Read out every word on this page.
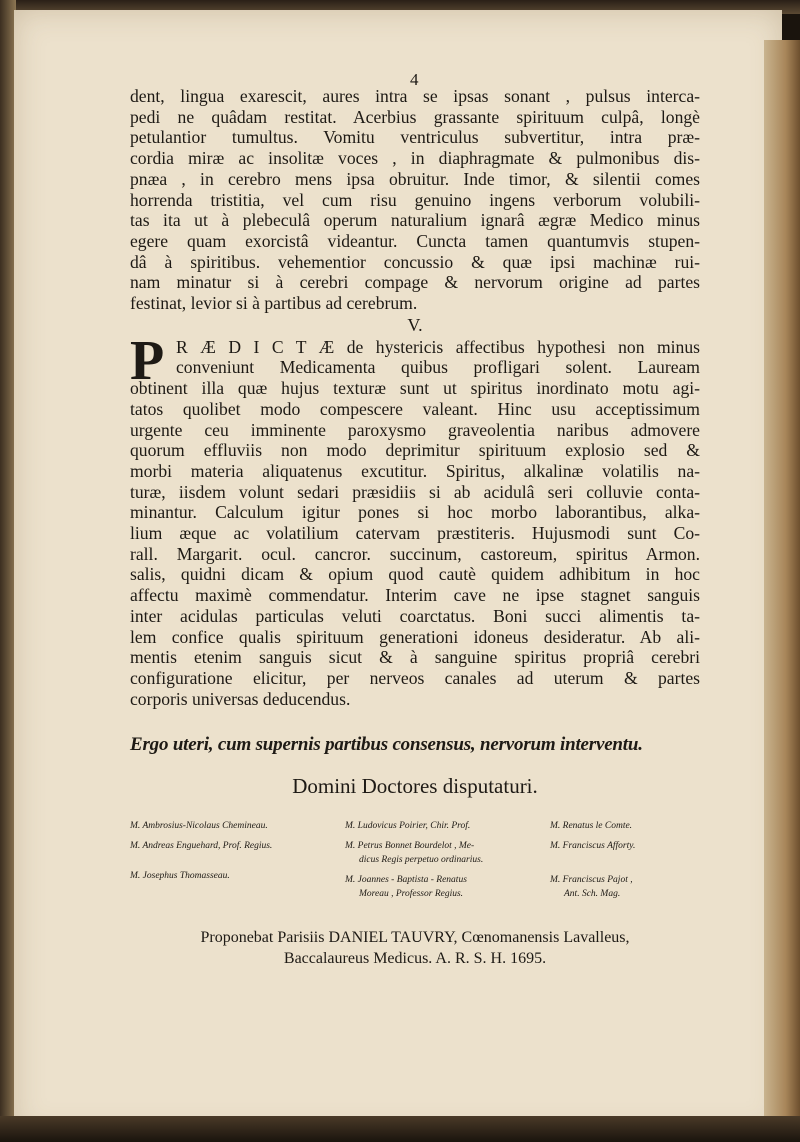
4
dent, lingua exarescit, aures intra se ipsas sonant , pulsus interca-
pedi ne quâdam restitat. Acerbius grassante spirituum culpâ, longè
petulantior tumultus. Vomitu ventriculus subvertitur, intra præ-
cordia miræ ac insolitæ voces , in diaphragmate & pulmonibus dis-
pnæa , in cerebro mens ipsa obruitur. Inde timor, & silentii comes
horrenda tristitia, vel cum risu genuino ingens verborum volubili-
tas ita ut à plebeculâ operum naturalium ignarâ ægræ Medico minus
egere quam exorcistâ videantur. Cuncta tamen quantumvis stupen-
dâ à spiritibus. vehementior concussio & quæ ipsi machinæ rui-
nam minatur si à cerebri compage & nervorum origine ad partes
festinat, levior si à partibus ad cerebrum.
V.
P R Æ D I C T Æ de hystericis affectibus hypothesi non minus
conveniunt Medicamenta quibus profligari solent. Lauream
obtinent illa quæ hujus texturæ sunt ut spiritus inordinato motu agi-
tatos quolibet modo compescere valeant. Hinc usu acceptissimum
urgente ceu imminente paroxysmo graveolentia naribus admovere
quorum effluviis non modo deprimitur spirituum explosio sed &
morbi materia aliquatenus excutitur. Spiritus, alkalinæ volatilis na-
turæ, iisdem volunt sedari præsidiis si ab acidulâ seri colluvie conta-
minantur. Calculum igitur pones si hoc morbo laborantibus, alka-
lium æque ac volatilium catervam præstiteris. Hujusmodi sunt Co-
rall. Margarit. ocul. cancror. succinum, castoreum, spiritus Armon.
salis, quidni dicam & opium quod cautè quidem adhibitum in hoc
affectu maximè commendatur. Interim cave ne ipse stagnet sanguis
inter acidulas particulas veluti coarctatus. Boni succi alimentis ta-
lem confice qualis spirituum generationi idoneus desideratur. Ab ali-
mentis etenim sanguis sicut & à sanguine spiritus propriâ cerebri
configuratione elicitur, per nerveos canales ad uterum & partes
corporis universas deducendus.
Ergo uteri, cum supernis partibus consensus, nervorum interventu.
Domini Doctores disputaturi.
M. Ambrosius-Nicolaus Chemineau.
M. Andreas Enguehard, Prof. Regius.
M. Josephus Thomasseau.
M. Ludovicus Poirier, Chir. Prof.
M. Petrus Bonnet Bourdelot , Me-
dicus Regis perpetuo ordinarius.
M. Joannes - Baptista - Renatus
Moreau , Professor Regius.
M. Renatus le Comte.
M. Franciscus Afforty.
M. Franciscus Pajot ,
Ant. Sch. Mag.
Proponebat Parisiis DANIEL TAUVRY, Cœnomanensis Lavalleus,
Baccalaureus Medicus. A. R. S. H. 1695.
